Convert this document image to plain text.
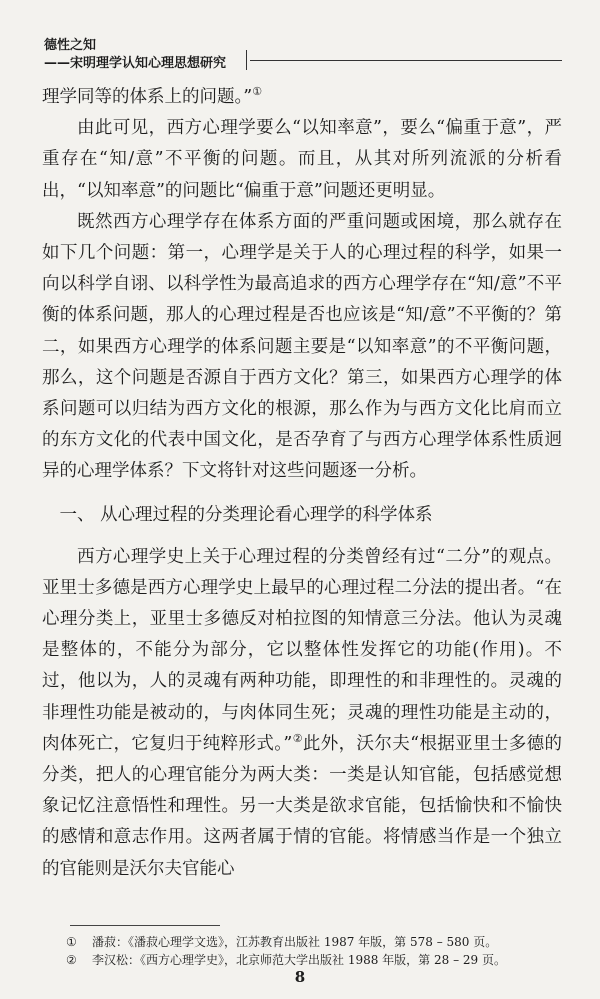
德性之知
——宋明理学认知心理思想研究

理学同等的体系上的问题。”①

由此可见，西方心理学要么“以知率意”，要么“偏重于意”，严重存在“知/意”不平衡的问题。而且，从其对所列流派的分析看出，“以知率意”的问题比“偏重于意”问题还更明显。

既然西方心理学存在体系方面的严重问题或困境，那么就存在如下几个问题：第一，心理学是关于人的心理过程的科学，如果一向以科学自诩、以科学性为最高追求的西方心理学存在“知/意”不平衡的体系问题，那人的心理过程是否也应该是“知/意”不平衡的？第二，如果西方心理学的体系问题主要是“以知率意”的不平衡问题，那么，这个问题是否源自于西方文化？第三，如果西方心理学的体系问题可以归结为西方文化的根源，那么作为与西方文化比肩而立的东方文化的代表中国文化，是否孕育了与西方心理学体系性质迥异的心理学体系？下文将针对这些问题逐一分析。

一、 从心理过程的分类理论看心理学的科学体系

西方心理学史上关于心理过程的分类曾经有过“二分”的观点。亚里士多德是西方心理学史上最早的心理过程二分法的提出者。“在心理分类上，亚里士多德反对柏拉图的知情意三分法。他认为灵魂是整体的，不能分为部分，它以整体性发挥它的功能(作用)。不过，他以为，人的灵魂有两种功能，即理性的和非理性的。灵魂的非理性功能是被动的，与肉体同生死；灵魂的理性功能是主动的，肉体死亡，它复归于纯粹形式。”②此外，沃尔夫“根据亚里士多德的分类，把人的心理官能分为两大类：一类是认知官能，包括感觉想象记忆注意悟性和理性。另一大类是欲求官能，包括愉快和不愉快的感情和意志作用。这两者属于情的官能。将情感当作是一个独立的官能则是沃尔夫官能心

① 潘菽：《潘菽心理学文选》，江苏教育出版社 1987 年版，第 578 – 580 页。
② 李汉松：《西方心理学史》，北京师范大学出版社 1988 年版，第 28 – 29 页。
8
